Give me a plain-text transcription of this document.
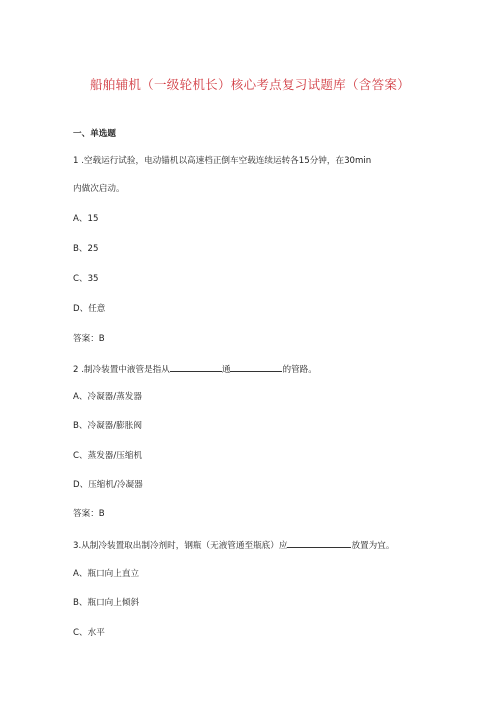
船舶辅机（一级轮机长）核心考点复习试题库（含答案）
一、单选题
1 .空载运行试验，电动锚机以高速档正倒车空载连续运转各15分钟，在30min
内做次启动。
A、15
B、25
C、35
D、任意
答案：B
2 .制冷装置中液管是指从	通	的管路。
A、冷凝器/蒸发器
B、冷凝器/膨胀阀
C、蒸发器/压缩机
D、压缩机/冷凝器
答案：B
3.从制冷装置取出制冷剂时，钢瓶（无液管通至瓶底）应	放置为宜。
A、瓶口向上直立
B、瓶口向上倾斜
C、水平
